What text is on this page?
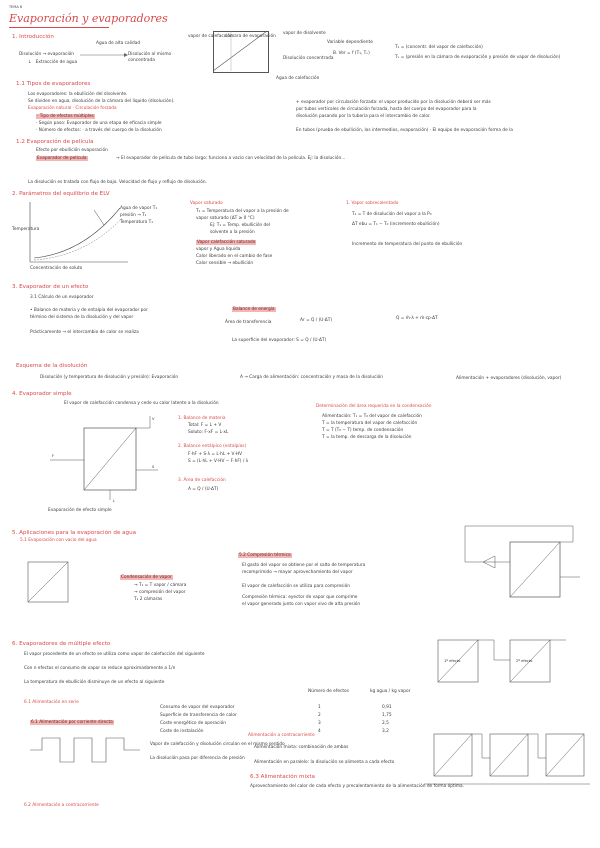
TEMA 6
Evaporación y evaporadores
1. Introducción
Disolución → evaporación
↓   Extracción de agua
Agua de alta calidad
Disolución al mismo
concentrada
vapor de calefacción
cámara de evaporación
vapor de disolvente
Disolución concentrada
Agua de calefacción
Variable dependiente
B. Ver = f (T₁, Tᵥ)
T₁ = (concentr. del vapor de calefacción)
Tᵥ = (presión en la cámara de evaporación y presión de vapor de disolución)
1.1 Tipos de evaporadores
Los evaporadores: la ebullición del disolvente.
Se dividen en agua, disolución de la cámara del líquido (disolución).
Evaporación natural · Circulación forzada
· Tipo de efectos múltiples
· Según paso: Evaporador de una etapa de eficacia simple
· Número de efectos: · a través del cuerpo de la disolución
+ evaporador por circulación forzada: el vapor producido por la disolución deberá ser más
por tubos verticales de circulación forzada, hasta del cuerpo del evaporador para la
disolución pasando por la tubería para el intercambio de calor.
En tubos (prueba de ebullición, los intermedios, evaporación) · El equipo de evaporación forma de la
1.2 Evaporación de película
Efecto por ebullición evaporación
Evaporador de película	→ El evaporador de película de tubo largo: funciona a vacío con velocidad de la película. Ej: la disolución...
La disolución es tratada con flujo de bajo. Velocidad de flujo y reflujo de disolución.
2. Parámetros del equilibrio de ELV
Temperatura
Concentración de soluto
Agua de vapor T₁
presión → T₁
Temperatura T₁
Vapor saturado
T₁ = Temperatura del vapor a la presión de
vapor saturado (ΔT ≥ 0 °C)
Ej: T₁ = Temp. ebullición del
solvente a la presión
Vapor calefacción saturado
vapor y Agua líquida
Calor liberado en el cambio de fase
Calor sensible → ebullición
1. Vapor sobrecalentado
T₁ = T de disolución del vapor a la P₀
ΔT ebu = T₁ − T₀ (incremento ebullición)
Incremento de temperatura del punto de ebullición
3. Evaporador de un efecto
3.1 Cálculo de un evaporador
• Balance de materia y de entalpía del evaporador por
término del sistema de la disolución y del vapor
Balance de energía
Área de transferencia	Ar = Q / (U·ΔT)	Q = ṁ·λ + ṁ·cp·ΔT
Prácticamente → el intercambio de calor se realiza
La superficie del evaporador: S = Q / (U·ΔT)
Esquema de la disolución
Disolución (y temperatura de disolución y presión): Evaporación	A → Carga de alimentación: concentración y masa de la disolución	Alimentación + evaporadores (disolución, vapor)
4. Evaporador simple
El vapor de calefacción condensa y cede su calor latente a la disolución
F
V
L
S
Evaporación de efecto simple
1. Balance de materia
Total: F = L + V
Soluto: F·xF = L·xL
2. Balance entálpico (entalpías)
F·hF + S·λ = L·hL + V·HV
S = (L·hL + V·HV − F·hF) / λ
3. Área de calefacción
A = Q / (U·ΔT)
Determinación del área requerida en la condensación
Alimentación: T₁ = T₀ del vapor de calefacción
T = la temperatura del vapor de calefacción
T = T (T₀ − T) temp. de condensación
T = la temp. de descarga de la disolución
5. Aplicaciones para la evaporación de agua
5.1 Evaporación con vacío del agua
Condensación de vapor
→ T₁ = T vapor / cámara
→ compresión del vapor
T₁ 2 cámaras
5.2 Compresión térmica
El gasto del vapor se obtiene por el salto de temperatura
recomprimido → mayor aprovechamiento del vapor
El vapor de calefacción se utiliza para compresión
Compresión térmica: eyector de vapor que comprime
el vapor generado junto con vapor vivo de alta presión
6. Evaporadores de múltiple efecto
El vapor procedente de un efecto se utiliza como vapor de calefacción del siguiente
Con n efectos el consumo de vapor se reduce aproximadamente a 1/n
La temperatura de ebullición disminuye de un efecto al siguiente
Número de efectos	kg agua / kg vapor
Consumo de vapor del evaporador	1	0,91
Superficie de transferencia de calor	2	1,75
Coste energético de operación	3	2,5
Coste de instalación	4	3,2
1º efecto	2º efecto
6.1 Alimentación en serie
6.1 Alimentación por corriente directa
Vapor de calefacción y disolución circulan en el mismo sentido
La disolución pasa por diferencia de presión
6.2 Alimentación a contracorriente
Alimentación a contracorriente
Alimentación mixta: combinación de ambas
Alimentación en paralelo: la disolución se alimenta a cada efecto
6.3 Alimentación mixta
Aprovechamiento del calor de cada efecto y precalentamiento de la alimentación de forma óptima.
